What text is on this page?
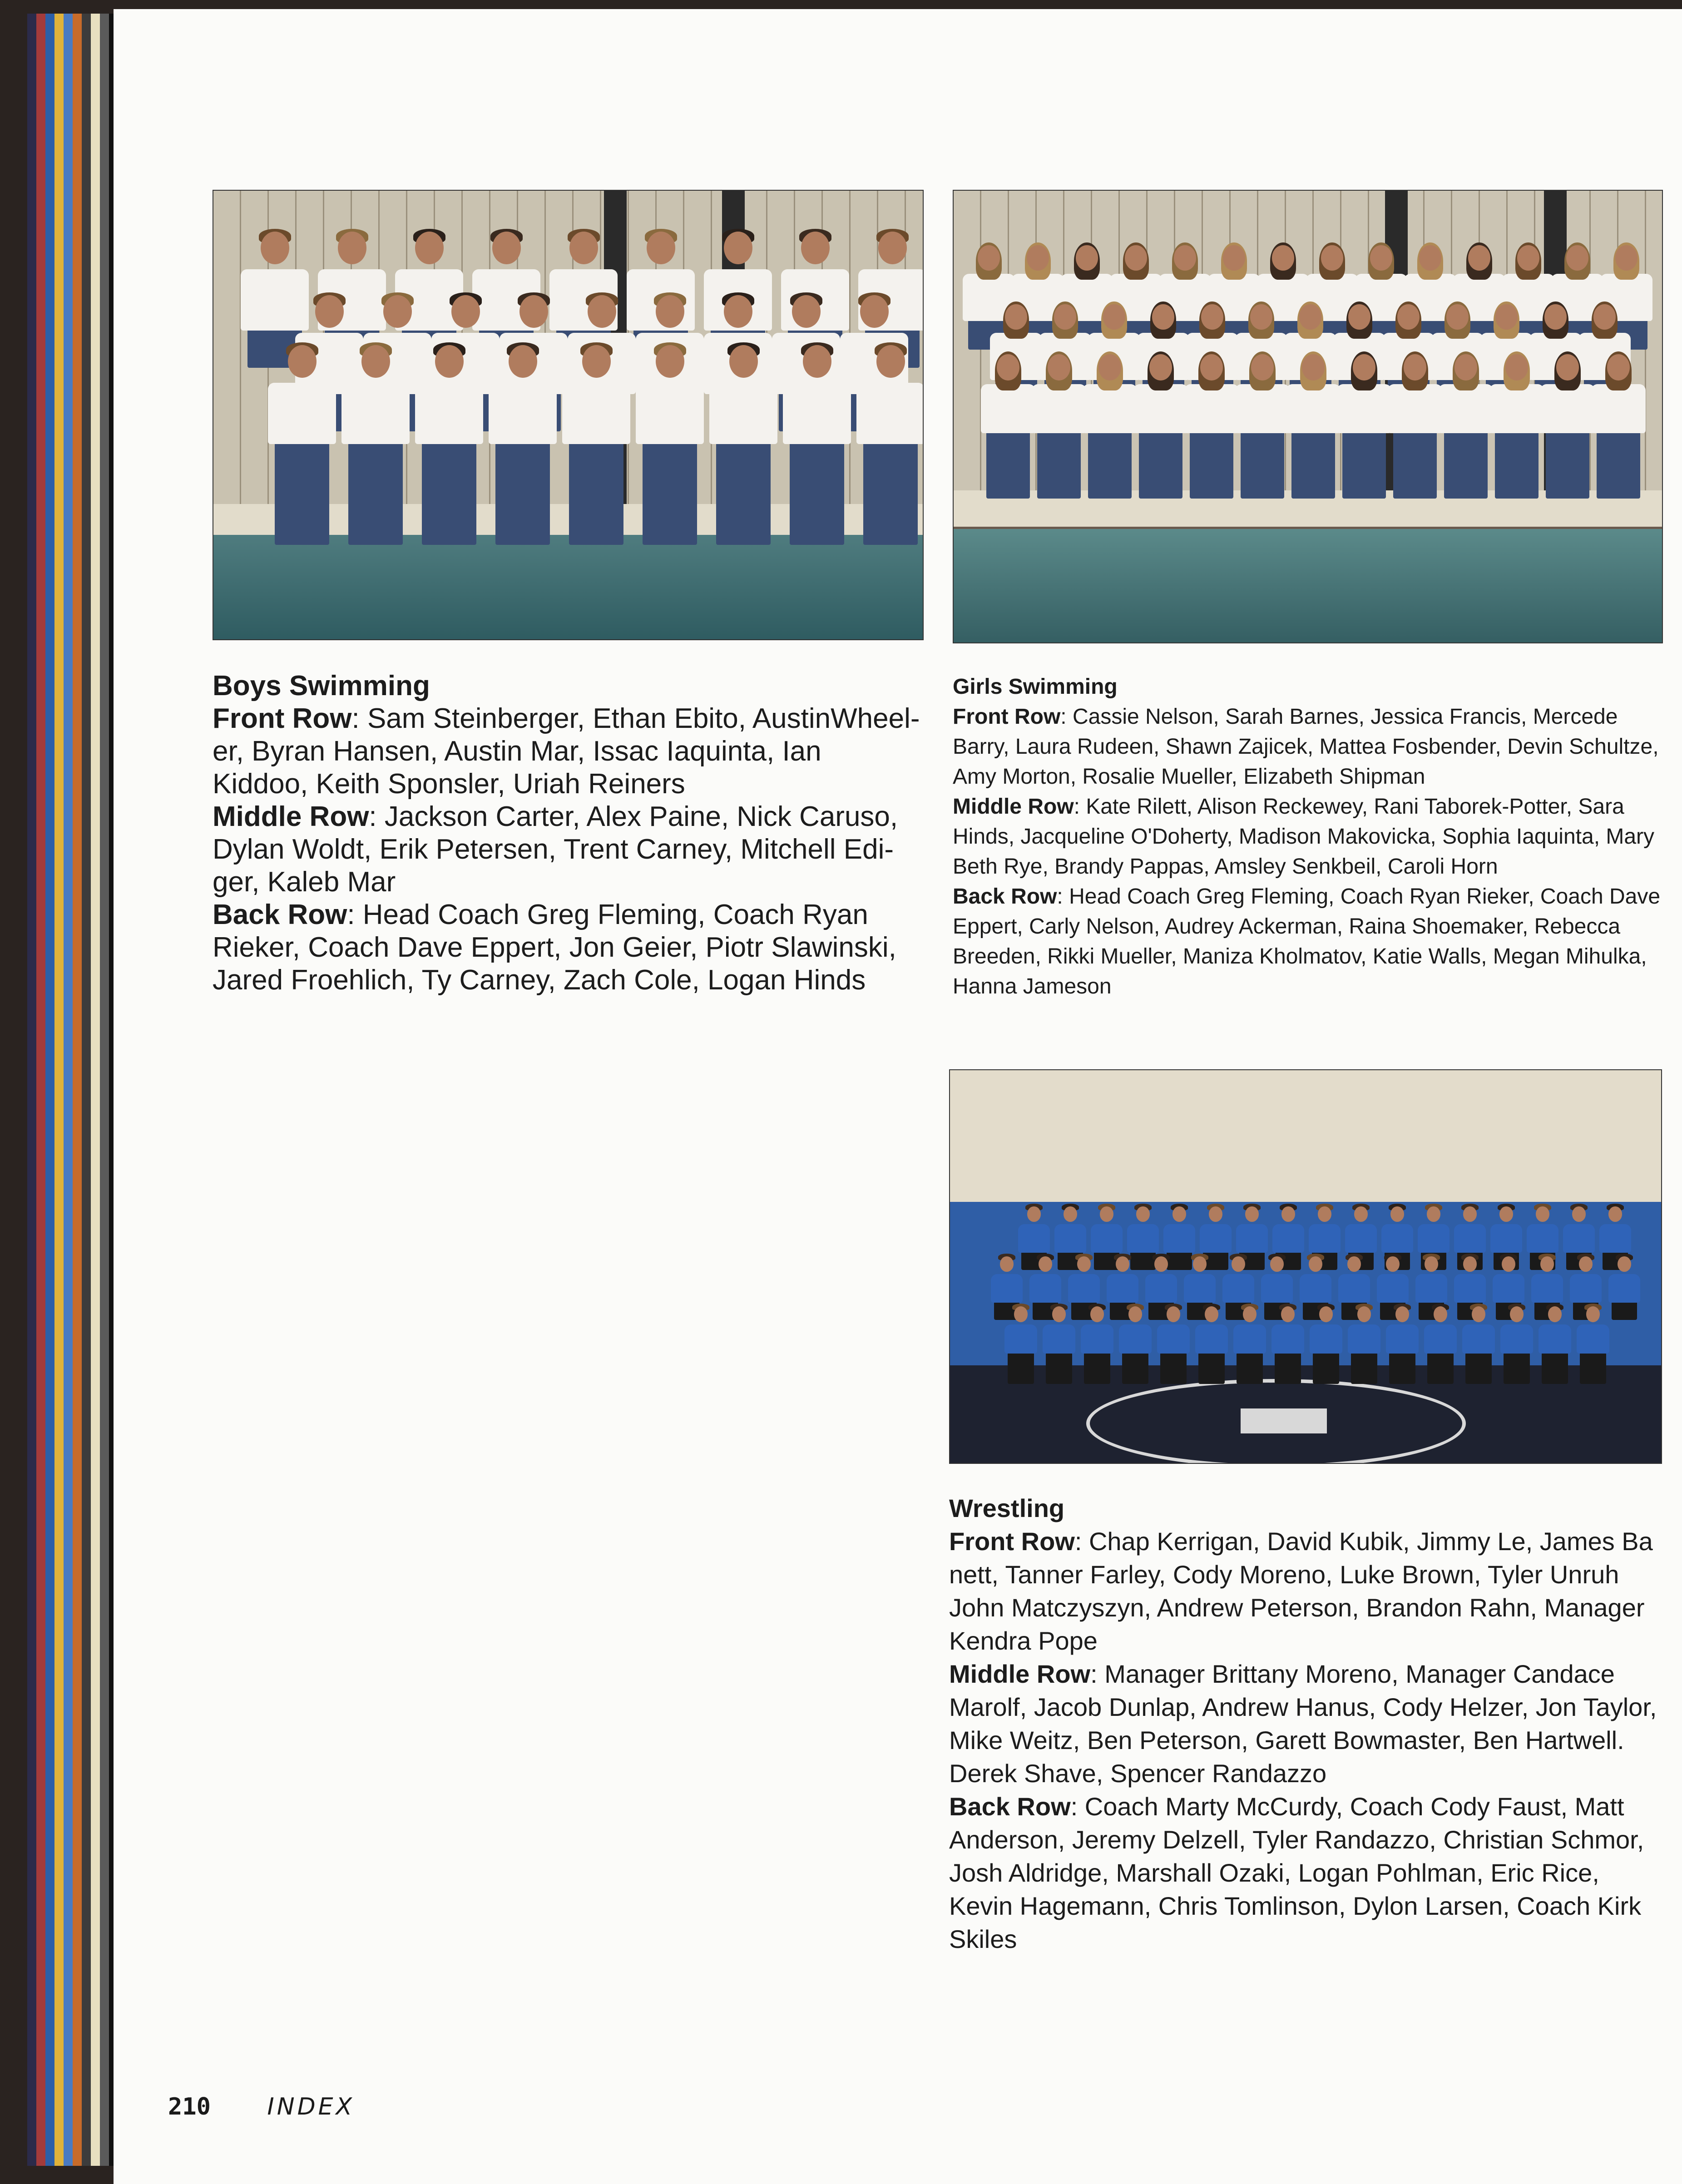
Boys Swimming

Front Row: Sam Steinberger, Ethan Ebito, AustinWheel-er, Byran Hansen, Austin Mar, Issac Iaquinta, Ian Kiddoo, Keith Sponsler, Uriah Reiners

Middle Row: Jackson Carter, Alex Paine, Nick Caruso, Dylan Woldt, Erik Petersen, Trent Carney, Mitchell Edi-ger, Kaleb Mar

Back Row: Head Coach Greg Fleming, Coach Ryan Rieker, Coach Dave Eppert, Jon Geier, Piotr Slawinski, Jared Froehlich, Ty Carney, Zach Cole, Logan Hinds

Girls Swimming

Front Row: Cassie Nelson, Sarah Barnes, Jessica Francis, Mercede Barry, Laura Rudeen, Shawn Zajicek, Mattea Fosbender, Devin Schultze, Amy Morton, Rosalie Mueller, Elizabeth Shipman

Middle Row: Kate Rilett, Alison Reckewey, Rani Taborek-Potter, Sara Hinds, Jacqueline O'Doherty, Madison Makovicka, Sophia Iaquinta, Mary Beth Rye, Brandy Pappas, Amsley Senkbeil, Caroli Horn

Back Row: Head Coach Greg Fleming, Coach Ryan Rieker, Coach Dave Eppert, Carly Nelson, Audrey Ackerman, Raina Shoemaker, Rebecca Breeden, Rikki Mueller, Maniza Kholmatov, Katie Walls, Megan Mihulka, Hanna Jameson

Wrestling

Front Row: Chap Kerrigan, David Kubik, Jimmy Le, James Ba nett, Tanner Farley, Cody Moreno, Luke Brown, Tyler Unruh John Matczyszyn, Andrew Peterson, Brandon Rahn, Manager Kendra Pope

Middle Row: Manager Brittany Moreno, Manager Candace Marolf, Jacob Dunlap, Andrew Hanus, Cody Helzer, Jon Taylor, Mike Weitz, Ben Peterson, Garett Bowmaster, Ben Hartwell. Derek Shave, Spencer Randazzo

Back Row: Coach Marty McCurdy, Coach Cody Faust, Matt Anderson, Jeremy Delzell, Tyler Randazzo, Christian Schmor, Josh Aldridge, Marshall Ozaki, Logan Pohlman, Eric Rice, Kevin Hagemann, Chris Tomlinson, Dylon Larsen, Coach Kirk Skiles

210 INDEX
